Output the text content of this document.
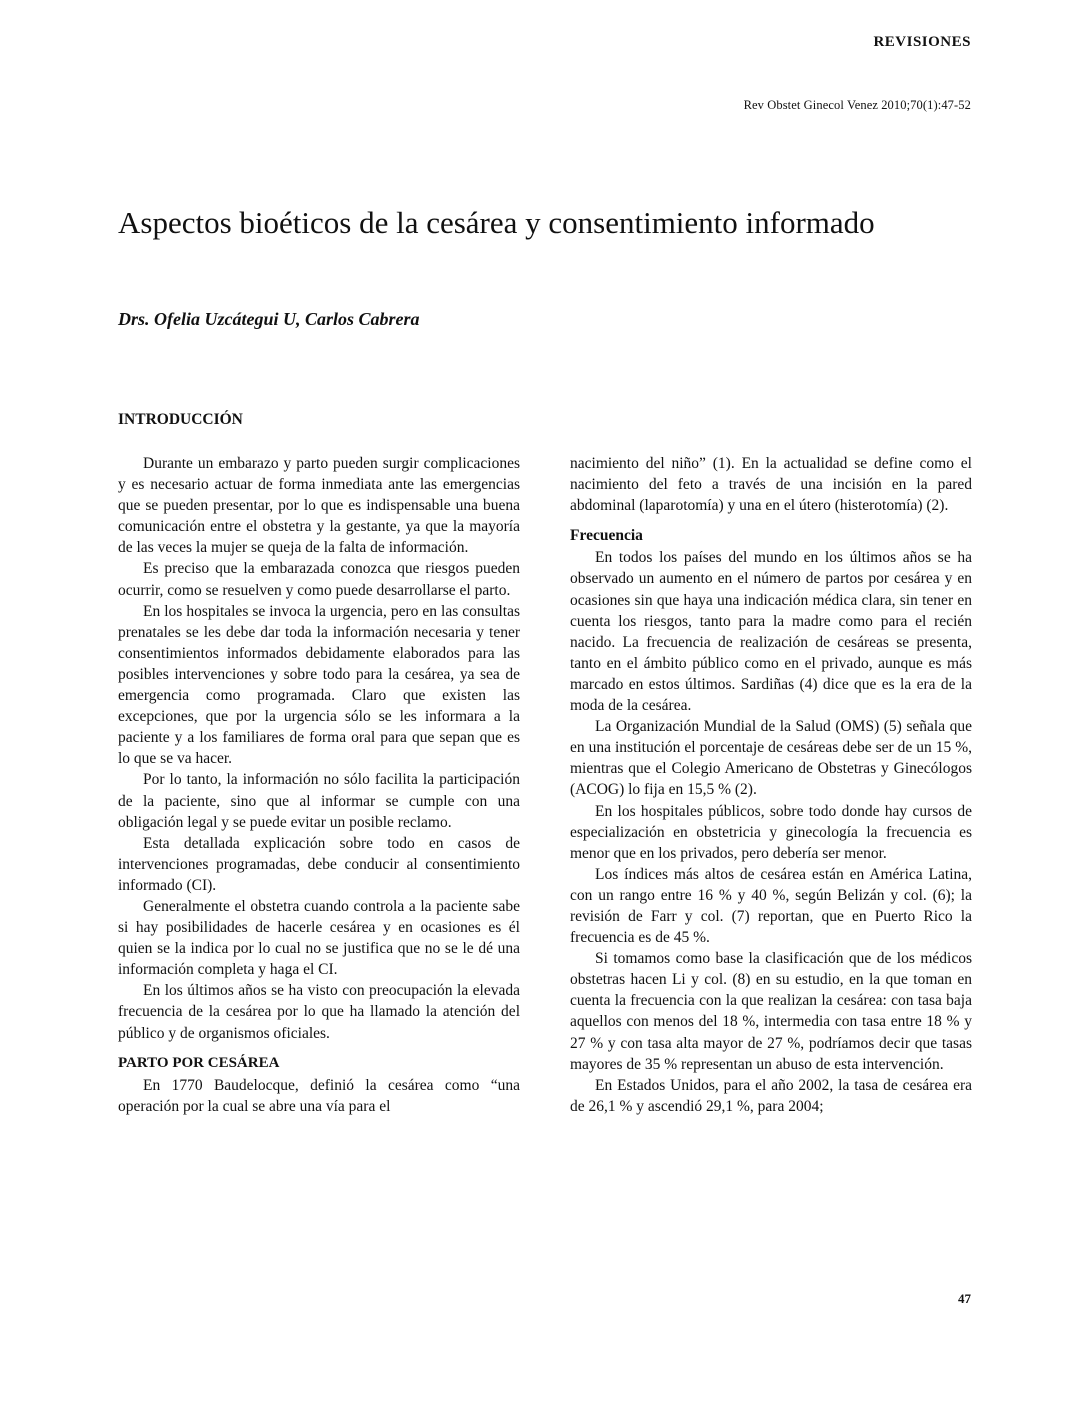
REVISIONES
Rev Obstet Ginecol Venez 2010;70(1):47-52
Aspectos bioéticos de la cesárea y consentimiento informado
Drs. Ofelia Uzcátegui U, Carlos Cabrera
INTRODUCCIÓN

Durante un embarazo y parto pueden surgir complicaciones y es necesario actuar de forma inmediata ante las emergencias que se pueden presentar, por lo que es indispensable una buena comunicación entre el obstetra y la gestante, ya que la mayoría de las veces la mujer se queja de la falta de información.

Es preciso que la embarazada conozca que riesgos pueden ocurrir, como se resuelven y como puede desarrollarse el parto.

En los hospitales se invoca la urgencia, pero en las consultas prenatales se les debe dar toda la información necesaria y tener consentimientos informados debidamente elaborados para las posibles intervenciones y sobre todo para la cesárea, ya sea de emergencia como programada. Claro que existen las excepciones, que por la urgencia sólo se les informara a la paciente y a los familiares de forma oral para que sepan que es lo que se va hacer.

Por lo tanto, la información no sólo facilita la participación de la paciente, sino que al informar se cumple con una obligación legal y se puede evitar un posible reclamo.

Esta detallada explicación sobre todo en casos de intervenciones programadas, debe conducir al consentimiento informado (CI).

Generalmente el obstetra cuando controla a la paciente sabe si hay posibilidades de hacerle cesárea y en ocasiones es él quien se la indica por lo cual no se justifica que no se le dé una información completa y haga el CI.

En los últimos años se ha visto con preocupación la elevada frecuencia de la cesárea por lo que ha llamado la atención del público y de organismos oficiales.

PARTO POR CESÁREA

En 1770 Baudelocque, definió la cesárea como “una operación por la cual se abre una vía para el

nacimiento del niño” (1). En la actualidad se define como el nacimiento del feto a través de una incisión en la pared abdominal (laparotomía) y una en el útero (histerotomía) (2).

Frecuencia

En todos los países del mundo en los últimos años se ha observado un aumento en el número de partos por cesárea y en ocasiones sin que haya una indicación médica clara, sin tener en cuenta los riesgos, tanto para la madre como para el recién nacido. La frecuencia de realización de cesáreas se presenta, tanto en el ámbito público como en el privado, aunque es más marcado en estos últimos. Sardiñas (4) dice que es la era de la moda de la cesárea.

La Organización Mundial de la Salud (OMS) (5) señala que en una institución el porcentaje de cesáreas debe ser de un 15 %, mientras que el Colegio Americano de Obstetras y Ginecólogos (ACOG) lo fija en 15,5 % (2).

En los hospitales públicos, sobre todo donde hay cursos de especialización en obstetricia y ginecología la frecuencia es menor que en los privados, pero debería ser menor.

Los índices más altos de cesárea están en América Latina, con un rango entre 16 % y 40 %, según Belizán y col. (6); la revisión de Farr y col. (7) reportan, que en Puerto Rico la frecuencia es de 45 %.

Si tomamos como base la clasificación que de los médicos obstetras hacen Li y col. (8) en su estudio, en la que toman en cuenta la frecuencia con la que realizan la cesárea: con tasa baja aquellos con menos del 18 %, intermedia con tasa entre 18 % y 27 % y con tasa alta mayor de 27 %, podríamos decir que tasas mayores de 35 % representan un abuso de esta intervención.

En Estados Unidos, para el año 2002, la tasa de cesárea era de 26,1 % y ascendió 29,1 %, para 2004;

47
